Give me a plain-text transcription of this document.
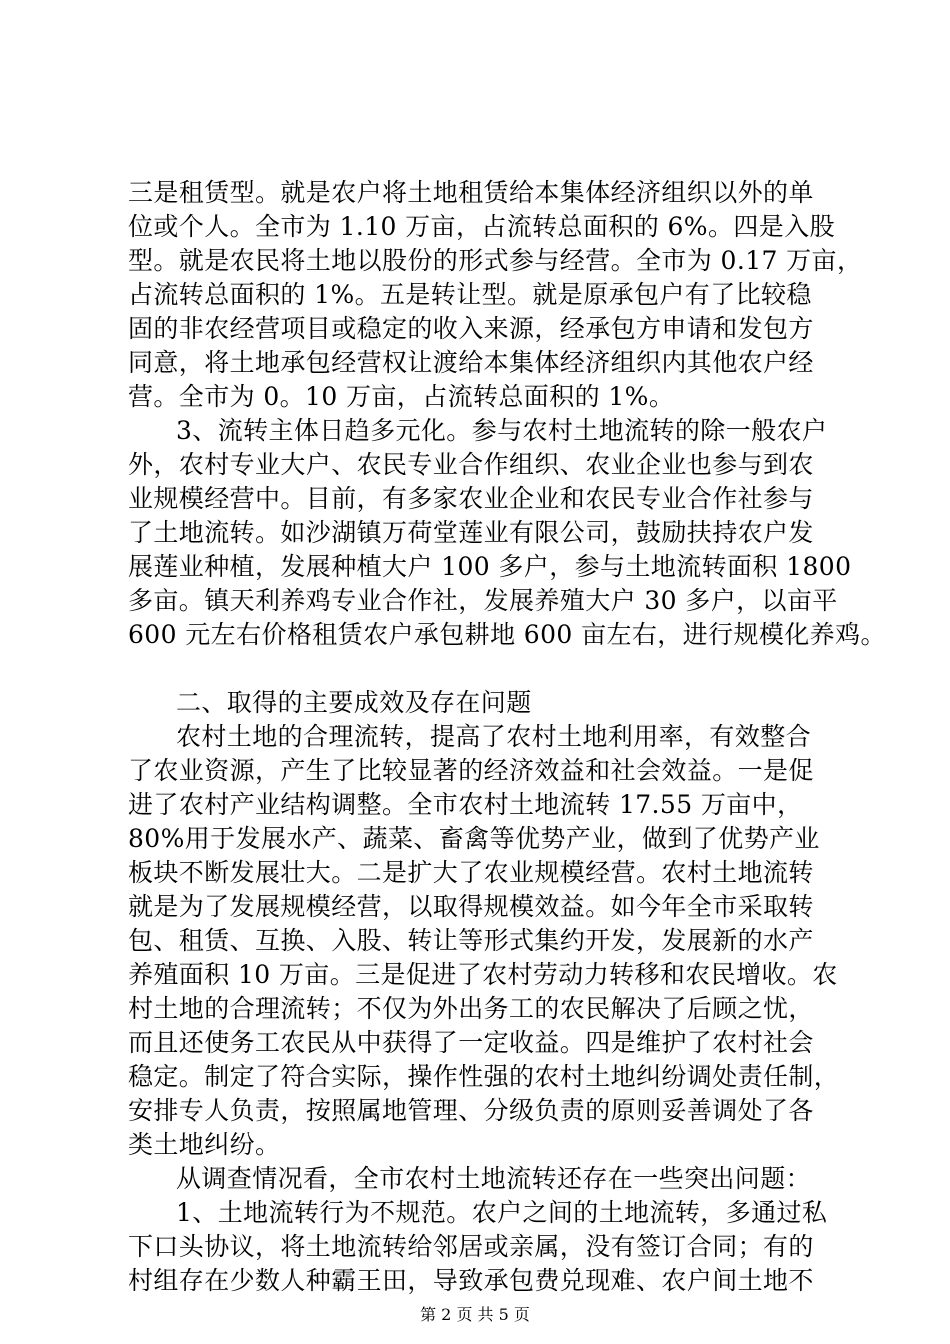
三是租赁型。就是农户将土地租赁给本集体经济组织以外的单
位或个人。全市为 1.10 万亩，占流转总面积的 6%。四是入股
型。就是农民将土地以股份的形式参与经营。全市为 0.17 万亩，
占流转总面积的 1%。五是转让型。就是原承包户有了比较稳
固的非农经营项目或稳定的收入来源，经承包方申请和发包方
同意，将土地承包经营权让渡给本集体经济组织内其他农户经
营。全市为 0。10 万亩，占流转总面积的 1%。
3、流转主体日趋多元化。参与农村土地流转的除一般农户
外，农村专业大户、农民专业合作组织、农业企业也参与到农
业规模经营中。目前，有多家农业企业和农民专业合作社参与
了土地流转。如沙湖镇万荷堂莲业有限公司，鼓励扶持农户发
展莲业种植，发展种植大户 100 多户，参与土地流转面积 1800
多亩。镇天利养鸡专业合作社，发展养殖大户 30 多户，以亩平
600 元左右价格租赁农户承包耕地 600 亩左右，进行规模化养鸡。
二、取得的主要成效及存在问题
农村土地的合理流转，提高了农村土地利用率，有效整合
了农业资源，产生了比较显著的经济效益和社会效益。一是促
进了农村产业结构调整。全市农村土地流转 17.55 万亩中，
80%用于发展水产、蔬菜、畜禽等优势产业，做到了优势产业
板块不断发展壮大。二是扩大了农业规模经营。农村土地流转
就是为了发展规模经营，以取得规模效益。如今年全市采取转
包、租赁、互换、入股、转让等形式集约开发，发展新的水产
养殖面积 10 万亩。三是促进了农村劳动力转移和农民增收。农
村土地的合理流转；不仅为外出务工的农民解决了后顾之忧，
而且还使务工农民从中获得了一定收益。四是维护了农村社会
稳定。制定了符合实际，操作性强的农村土地纠纷调处责任制，
安排专人负责，按照属地管理、分级负责的原则妥善调处了各
类土地纠纷。
从调查情况看，全市农村土地流转还存在一些突出问题：
1、土地流转行为不规范。农户之间的土地流转，多通过私
下口头协议，将土地流转给邻居或亲属，没有签订合同；有的
村组存在少数人种霸王田，导致承包费兑现难、农户间土地不
第 2 页 共 5 页
